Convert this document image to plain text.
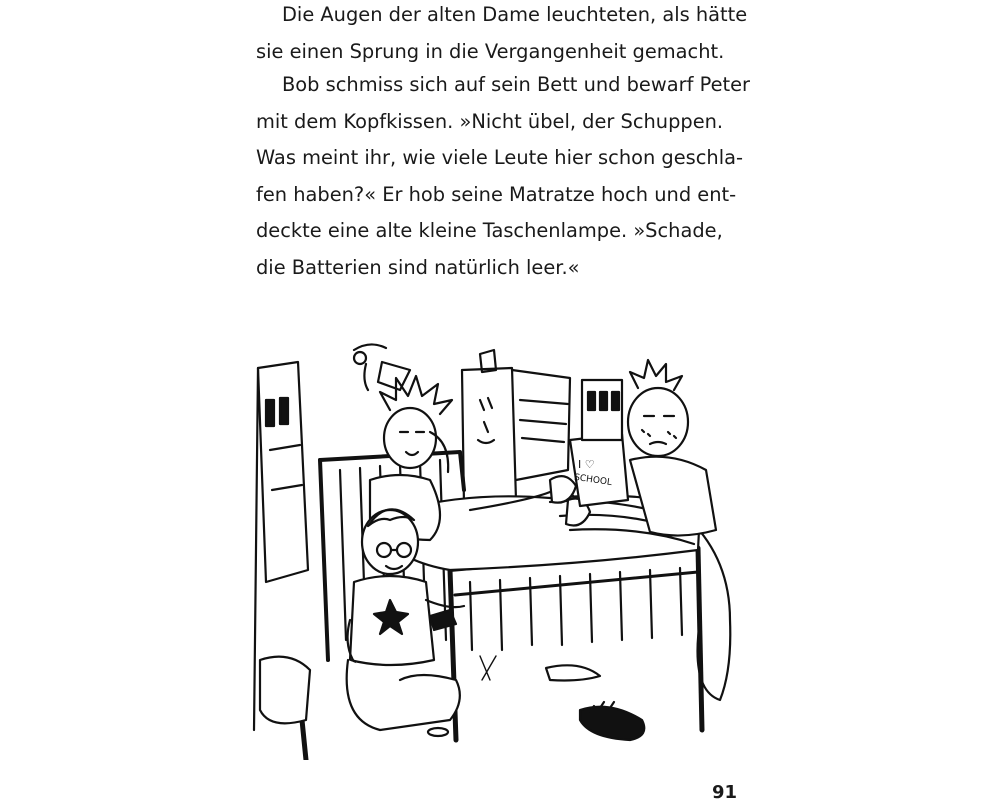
Die Augen der alten Dame leuchteten, als hätte
sie einen Sprung in die Vergangenheit gemacht.

Bob schmiss sich auf sein Bett und bewarf Peter
mit dem Kopfkissen. »Nicht übel, der Schuppen.
Was meint ihr, wie viele Leute hier schon geschla-
fen haben?« Er hob seine Matratze hoch und ent-
deckte eine alte kleine Taschenlampe. »Schade,
die Batterien sind natürlich leer.«

I ♡
SCHOOL
91
